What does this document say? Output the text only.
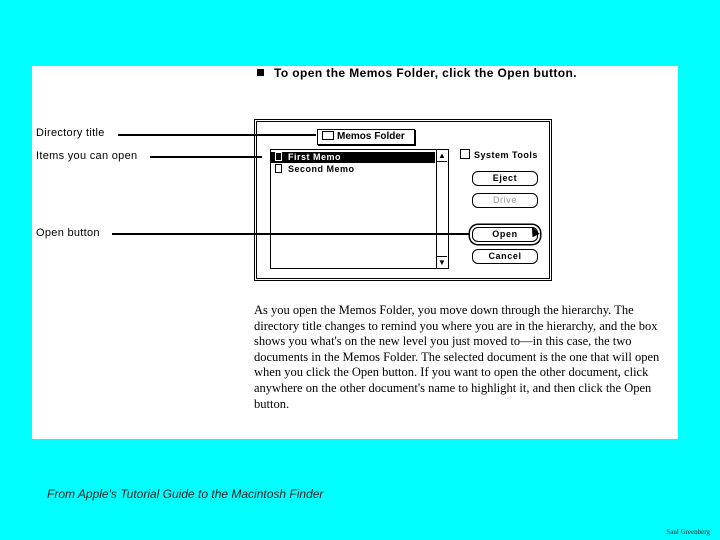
To open the Memos Folder, click the Open button.
Directory title
Items you can open
Open button
Memos Folder
First Memo
Second Memo
▲
▼
System Tools
Eject
Drive
Open
Cancel
As you open the Memos Folder, you move down through the hierarchy. The directory title changes to remind you where you are in the hierarchy, and the box shows you what's on the new level you just moved to—in this case, the two documents in the Memos Folder. The selected document is the one that will open when you click the Open button. If you want to open the other document, click anywhere on the other document's name to highlight it, and then click the Open button.
From Apple's Tutorial Guide to the Macintosh Finder
Saul Greenberg
